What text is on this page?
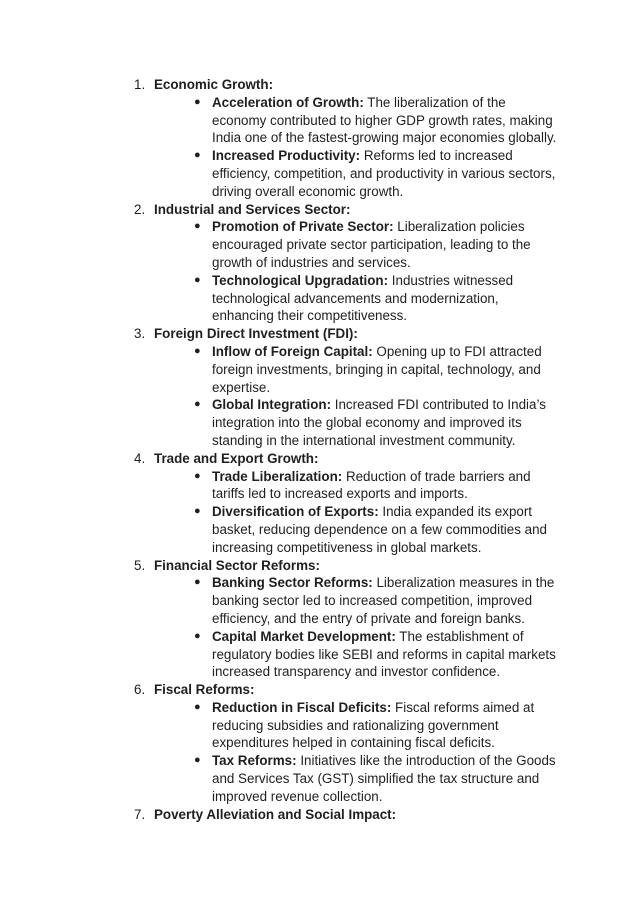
1. Economic Growth:
● Acceleration of Growth: The liberalization of the economy contributed to higher GDP growth rates, making India one of the fastest-growing major economies globally.
● Increased Productivity: Reforms led to increased efficiency, competition, and productivity in various sectors, driving overall economic growth.
2. Industrial and Services Sector:
● Promotion of Private Sector: Liberalization policies encouraged private sector participation, leading to the growth of industries and services.
● Technological Upgradation: Industries witnessed technological advancements and modernization, enhancing their competitiveness.
3. Foreign Direct Investment (FDI):
● Inflow of Foreign Capital: Opening up to FDI attracted foreign investments, bringing in capital, technology, and expertise.
● Global Integration: Increased FDI contributed to India’s integration into the global economy and improved its standing in the international investment community.
4. Trade and Export Growth:
● Trade Liberalization: Reduction of trade barriers and tariffs led to increased exports and imports.
● Diversification of Exports: India expanded its export basket, reducing dependence on a few commodities and increasing competitiveness in global markets.
5. Financial Sector Reforms:
● Banking Sector Reforms: Liberalization measures in the banking sector led to increased competition, improved efficiency, and the entry of private and foreign banks.
● Capital Market Development: The establishment of regulatory bodies like SEBI and reforms in capital markets increased transparency and investor confidence.
6. Fiscal Reforms:
● Reduction in Fiscal Deficits: Fiscal reforms aimed at reducing subsidies and rationalizing government expenditures helped in containing fiscal deficits.
● Tax Reforms: Initiatives like the introduction of the Goods and Services Tax (GST) simplified the tax structure and improved revenue collection.
7. Poverty Alleviation and Social Impact:
